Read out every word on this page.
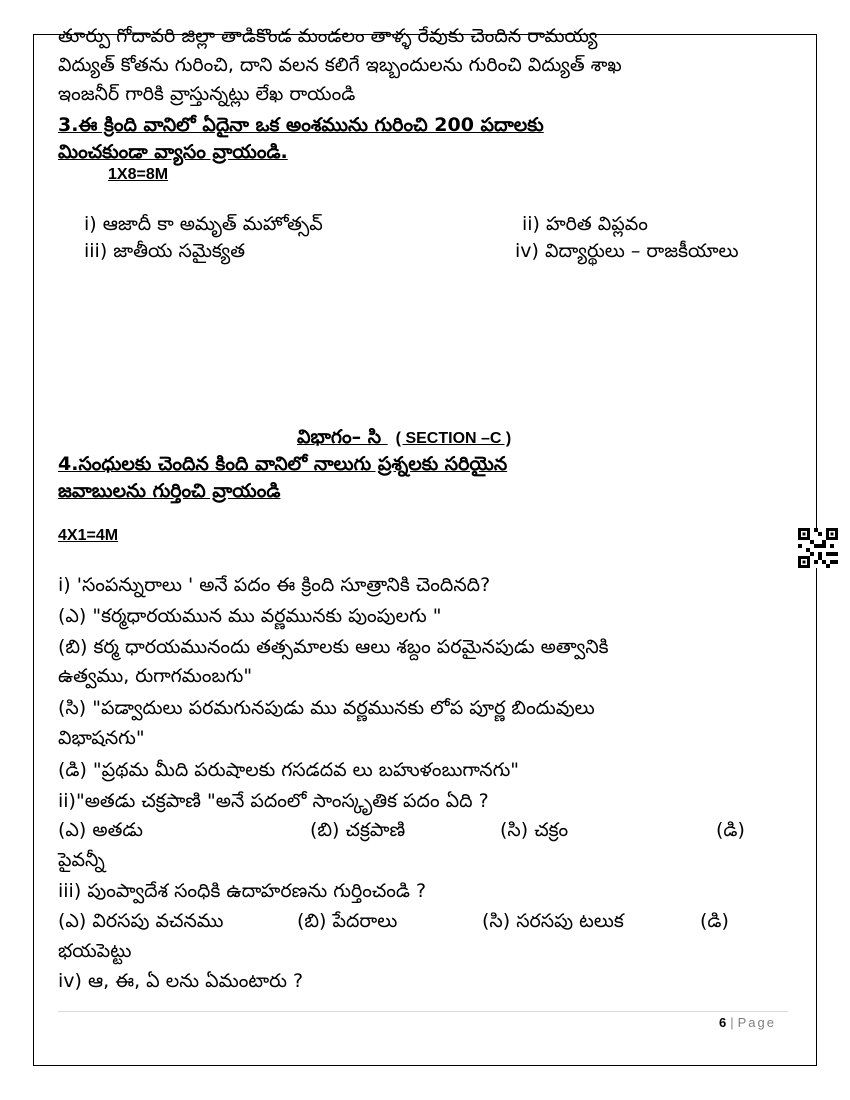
తూర్పు గోదావరి జిల్లా తాడికొండ మండలం తాళ్ళ రేవుకు చెందిన రామయ్య
విద్యుత్ కోతను గురించి, దాని వలన కలిగే ఇబ్బందులను గురించి విద్యుత్ శాఖ
ఇంజనీర్ గారికి వ్రాస్తున్నట్లు లేఖ రాయండి
3.ఈ క్రింది వానిలో ఏదైనా ఒక అంశమును గురించి 200 పదాలకు
మించకుండా వ్యాసం వ్రాయండి.
1X8=8M
i) ఆజాదీ కా అమృత్ మహోత్సవ్	ii) హరిత విప్లవం
iii) జాతీయ సమైక్యత	iv) విద్యార్థులు – రాజకీయాలు
విభాగం– సి ( SECTION –C )
4.సంధులకు చెందిన కింది వానిలో నాలుగు ప్రశ్నలకు సరియైన
జవాబులను గుర్తించి వ్రాయండి
4X1=4M
i) 'సంపన్నురాలు ' అనే పదం ఈ క్రింది సూత్రానికి చెందినది?
(ఎ) "కర్మధారయమున ము వర్ణమునకు పుంపులగు "
(బి) కర్మ ధారయమునందు తత్సమాలకు ఆలు శబ్దం పరమైనపుడు అత్వానికి
ఉత్వము, రుగాగమంబగు"
(సి) "పడ్వాదులు పరమగునపుడు ము వర్ణమునకు లోప పూర్ణ బిందువులు
విభాషనగు"
(డి) "ప్రథమ మీది పరుషాలకు గసడదవ లు బహుళంబుగానగు"
ii)"అతడు చక్రపాణి "అనే పదంలో సాంస్కృతిక పదం ఏది ?
(ఎ) అతడు	(బి) చక్రపాణి	(సి) చక్రం	(డి)
పైవన్నీ
iii) పుంప్వాదేశ సంధికి ఉదాహరణను గుర్తించండి ?
(ఎ) విరసపు వచనము	(బి) పేదరాలు	(సి) సరసపు టలుక	(డి)
భయపెట్టు
iv) ఆ, ఈ, ఏ లను ఏమంటారు ?
6 | Page
